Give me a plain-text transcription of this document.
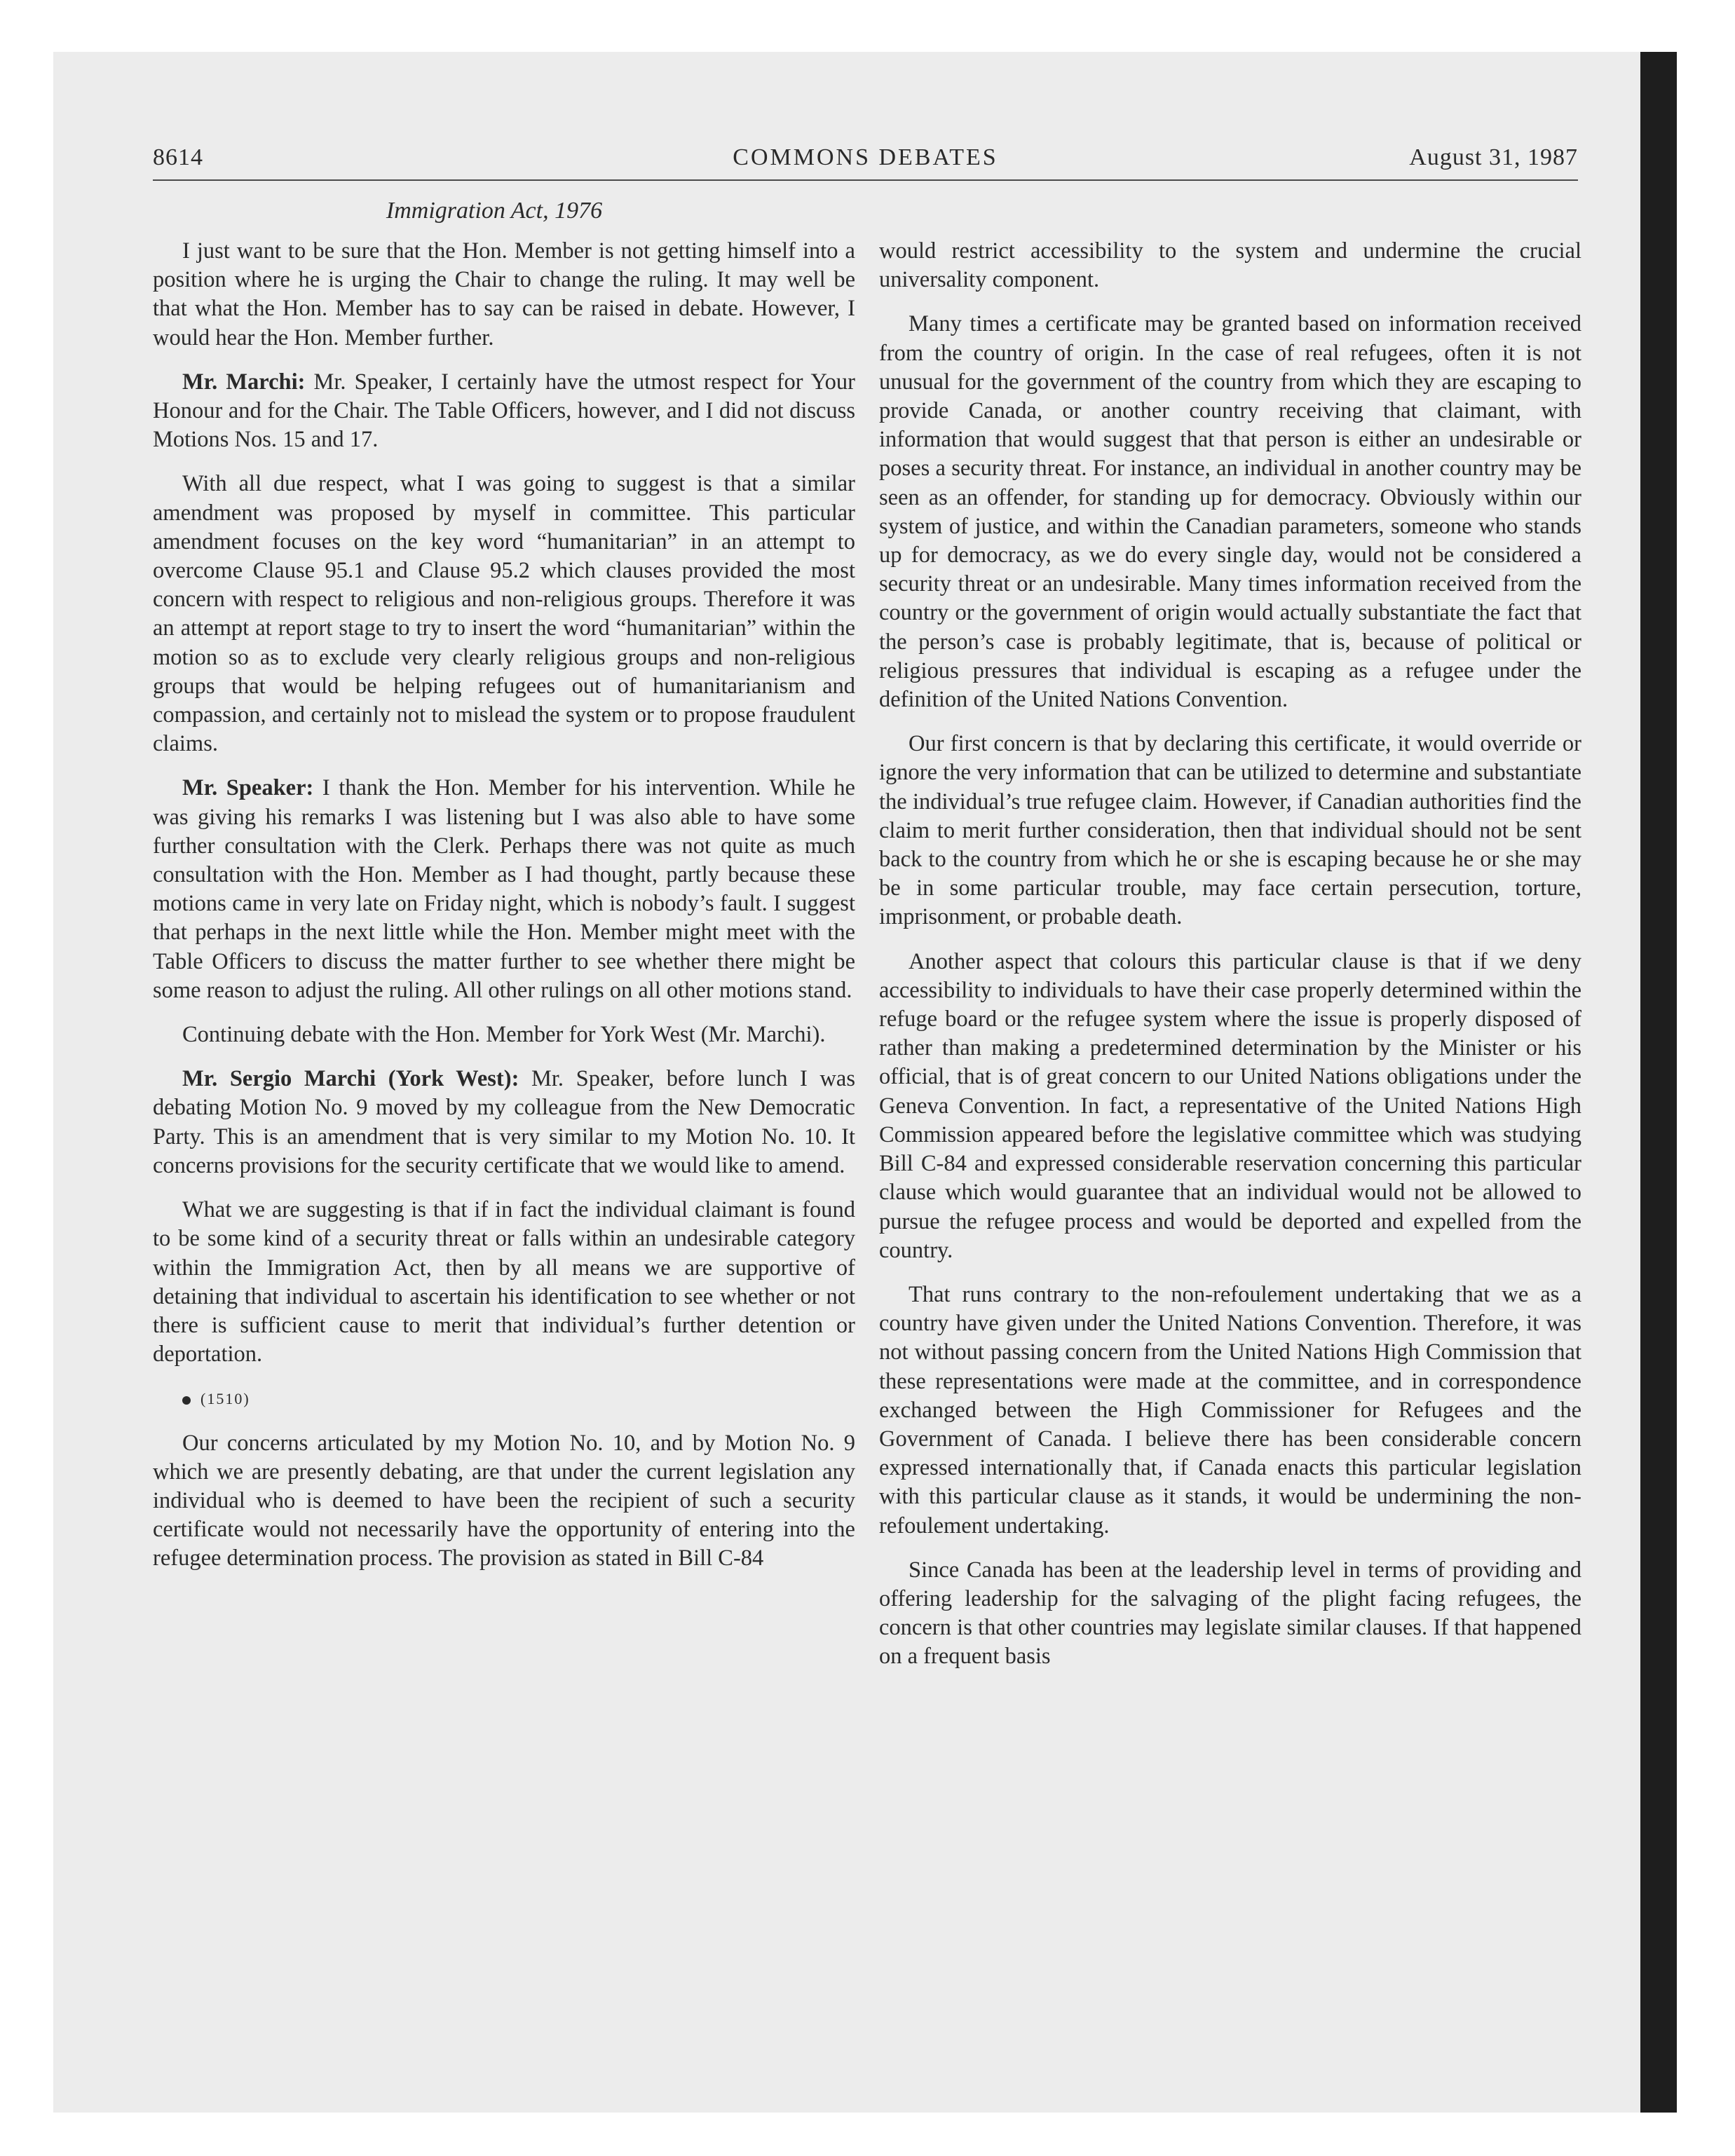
8614	COMMONS DEBATES	August 31, 1987
Immigration Act, 1976

I just want to be sure that the Hon. Member is not getting himself into a position where he is urging the Chair to change the ruling. It may well be that what the Hon. Member has to say can be raised in debate. However, I would hear the Hon. Member further.

Mr. Marchi: Mr. Speaker, I certainly have the utmost respect for Your Honour and for the Chair. The Table Officers, however, and I did not discuss Motions Nos. 15 and 17.

With all due respect, what I was going to suggest is that a similar amendment was proposed by myself in committee. This particular amendment focuses on the key word “humanitarian” in an attempt to overcome Clause 95.1 and Clause 95.2 which clauses provided the most concern with respect to religious and non-religious groups. Therefore it was an attempt at report stage to try to insert the word “humanitarian” within the motion so as to exclude very clearly religious groups and non-religious groups that would be helping refugees out of humanitarianism and compassion, and certainly not to mislead the system or to propose fraudulent claims.

Mr. Speaker: I thank the Hon. Member for his intervention. While he was giving his remarks I was listening but I was also able to have some further consultation with the Clerk. Perhaps there was not quite as much consultation with the Hon. Member as I had thought, partly because these motions came in very late on Friday night, which is nobody’s fault. I suggest that perhaps in the next little while the Hon. Member might meet with the Table Officers to discuss the matter further to see whether there might be some reason to adjust the ruling. All other rulings on all other motions stand.

Continuing debate with the Hon. Member for York West (Mr. Marchi).

Mr. Sergio Marchi (York West): Mr. Speaker, before lunch I was debating Motion No. 9 moved by my colleague from the New Democratic Party. This is an amendment that is very similar to my Motion No. 10. It concerns provisions for the security certificate that we would like to amend.

What we are suggesting is that if in fact the individual claimant is found to be some kind of a security threat or falls within an undesirable category within the Immigration Act, then by all means we are supportive of detaining that individual to ascertain his identification to see whether or not there is sufficient cause to merit that individual’s further detention or deportation.

(1510)

Our concerns articulated by my Motion No. 10, and by Motion No. 9 which we are presently debating, are that under the current legislation any individual who is deemed to have been the recipient of such a security certificate would not necessarily have the opportunity of entering into the refugee determination process. The provision as stated in Bill C-84

would restrict accessibility to the system and undermine the crucial universality component.

Many times a certificate may be granted based on information received from the country of origin. In the case of real refugees, often it is not unusual for the government of the country from which they are escaping to provide Canada, or another country receiving that claimant, with information that would suggest that that person is either an undesirable or poses a security threat. For instance, an individual in another country may be seen as an offender, for standing up for democracy. Obviously within our system of justice, and within the Canadian parameters, someone who stands up for democracy, as we do every single day, would not be considered a security threat or an undesirable. Many times information received from the country or the government of origin would actually substantiate the fact that the person’s case is probably legitimate, that is, because of political or religious pressures that individual is escaping as a refugee under the definition of the United Nations Convention.

Our first concern is that by declaring this certificate, it would override or ignore the very information that can be utilized to determine and substantiate the individual’s true refugee claim. However, if Canadian authorities find the claim to merit further consideration, then that individual should not be sent back to the country from which he or she is escaping because he or she may be in some particular trouble, may face certain persecution, torture, imprisonment, or probable death.

Another aspect that colours this particular clause is that if we deny accessibility to individuals to have their case properly determined within the refuge board or the refugee system where the issue is properly disposed of rather than making a predetermined determination by the Minister or his official, that is of great concern to our United Nations obligations under the Geneva Convention. In fact, a representative of the United Nations High Commission appeared before the legislative committee which was studying Bill C-84 and expressed considerable reservation concerning this particular clause which would guarantee that an individual would not be allowed to pursue the refugee process and would be deported and expelled from the country.

That runs contrary to the non-refoulement undertaking that we as a country have given under the United Nations Convention. Therefore, it was not without passing concern from the United Nations High Commission that these representations were made at the committee, and in correspondence exchanged between the High Commissioner for Refugees and the Government of Canada. I believe there has been considerable concern expressed internationally that, if Canada enacts this particular legislation with this particular clause as it stands, it would be undermining the non-refoulement undertaking.

Since Canada has been at the leadership level in terms of providing and offering leadership for the salvaging of the plight facing refugees, the concern is that other countries may legislate similar clauses. If that happened on a frequent basis
